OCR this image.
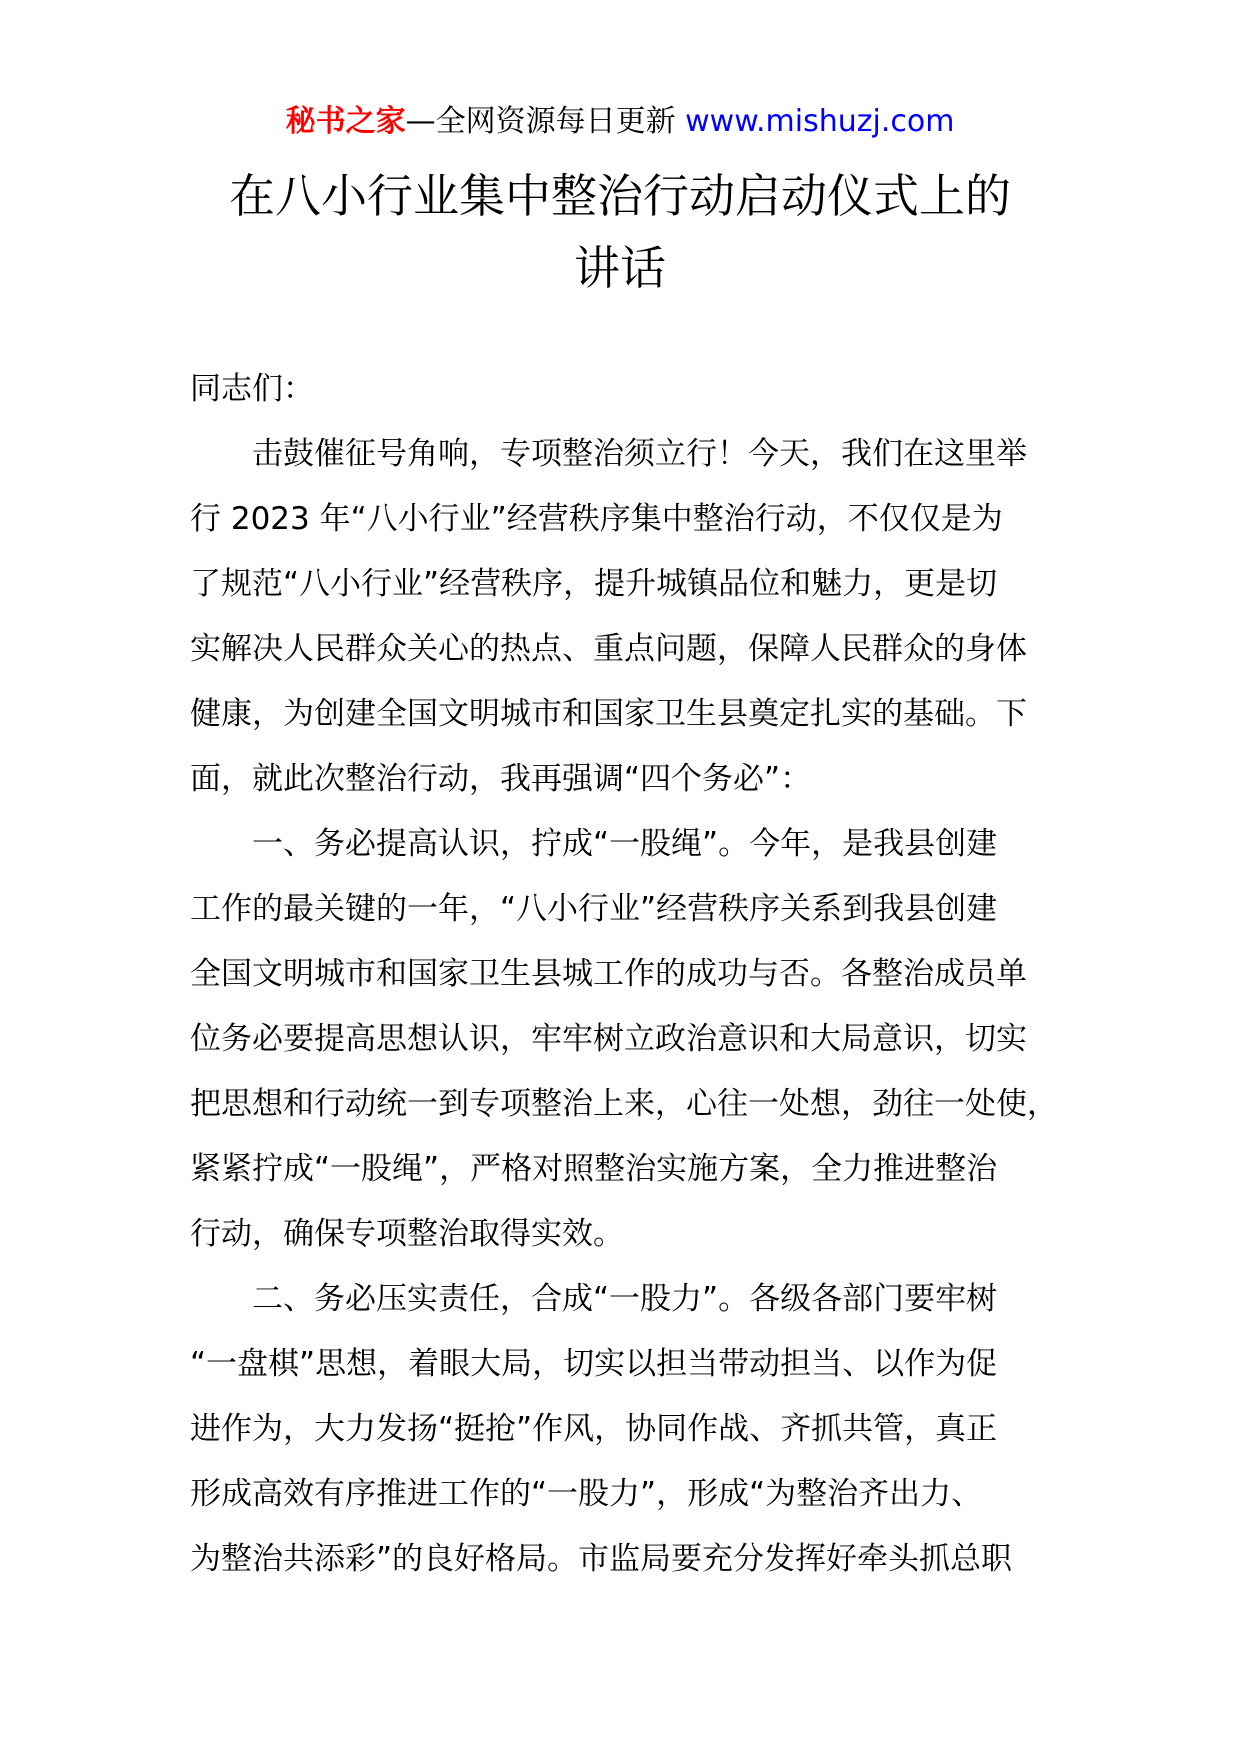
秘书之家—全网资源每日更新 www.mishuzj.com
在八小行业集中整治行动启动仪式上的
讲话
同志们：
击鼓催征号角响，专项整治须立行！今天，我们在这里举
行 2023 年“八小行业”经营秩序集中整治行动，不仅仅是为
了规范“八小行业”经营秩序，提升城镇品位和魅力，更是切
实解决人民群众关心的热点、重点问题，保障人民群众的身体
健康，为创建全国文明城市和国家卫生县奠定扎实的基础。下
面，就此次整治行动，我再强调“四个务必”：
一、务必提高认识，拧成“一股绳”。今年，是我县创建
工作的最关键的一年，“八小行业”经营秩序关系到我县创建
全国文明城市和国家卫生县城工作的成功与否。各整治成员单
位务必要提高思想认识，牢牢树立政治意识和大局意识，切实
把思想和行动统一到专项整治上来，心往一处想，劲往一处使，
紧紧拧成“一股绳”，严格对照整治实施方案，全力推进整治
行动，确保专项整治取得实效。
二、务必压实责任，合成“一股力”。各级各部门要牢树
“一盘棋”思想，着眼大局，切实以担当带动担当、以作为促
进作为，大力发扬“挺抢”作风，协同作战、齐抓共管，真正
形成高效有序推进工作的“一股力”，形成“为整治齐出力、
为整治共添彩”的良好格局。市监局要充分发挥好牵头抓总职
